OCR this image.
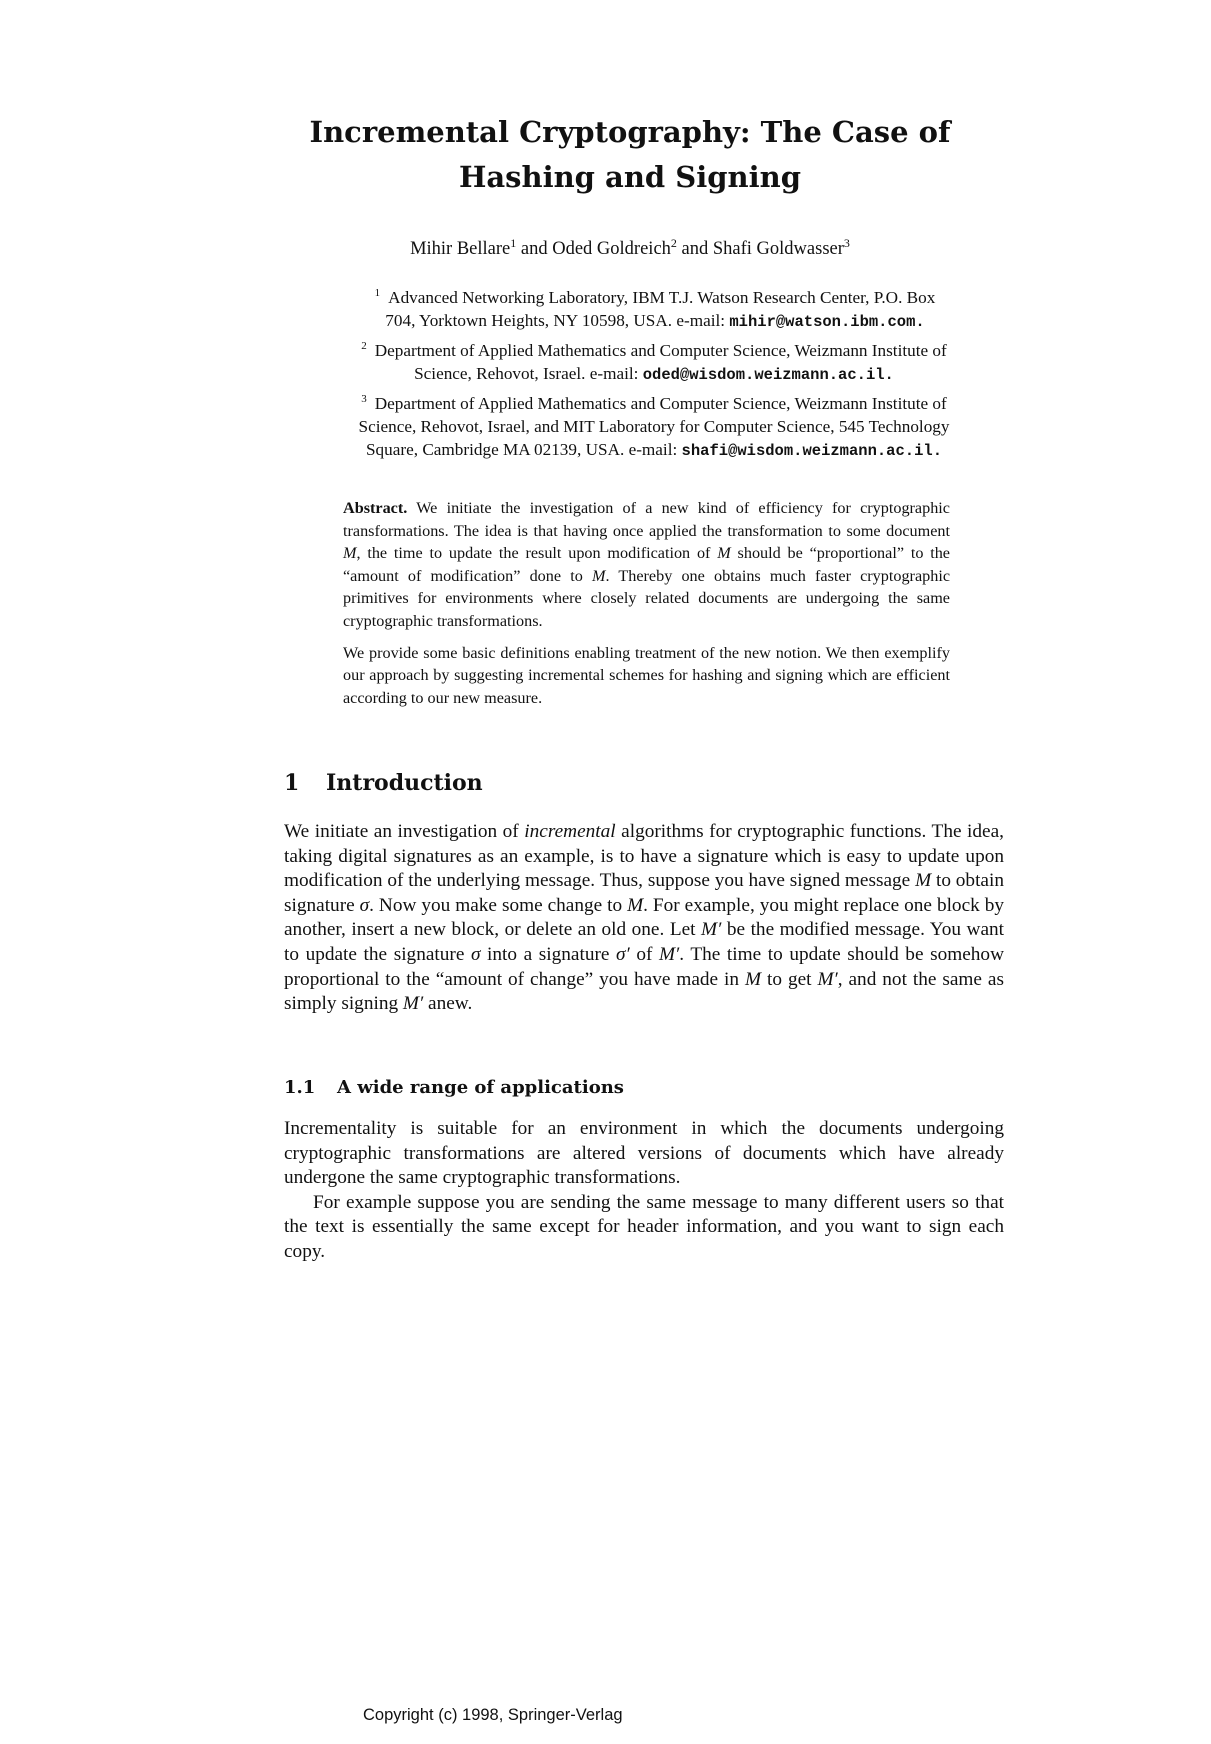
Incremental Cryptography: The Case of
Hashing and Signing
Mihir Bellare$^1$ and Oded Goldreich$^2$ and Shafi Goldwasser$^3$
1 Advanced Networking Laboratory, IBM T.J. Watson Research Center, P.O. Box
704, Yorktown Heights, NY 10598, USA. e-mail: mihir@watson.ibm.com.
2 Department of Applied Mathematics and Computer Science, Weizmann Institute of
Science, Rehovot, Israel. e-mail: oded@wisdom.weizmann.ac.il.
3 Department of Applied Mathematics and Computer Science, Weizmann Institute of
Science, Rehovot, Israel, and MIT Laboratory for Computer Science, 545 Technology
Square, Cambridge MA 02139, USA. e-mail: shafi@wisdom.weizmann.ac.il.

Abstract. We initiate the investigation of a new kind of efficiency for cryptographic transformations. The idea is that having once applied the transformation to some document M, the time to update the result upon modification of M should be “proportional” to the “amount of modification” done to M. Thereby one obtains much faster cryptographic primitives for environments where closely related documents are undergoing the same cryptographic transformations.

We provide some basic definitions enabling treatment of the new notion. We then exemplify our approach by suggesting incremental schemes for hashing and signing which are efficient according to our new measure.

1 Introduction

We initiate an investigation of incremental algorithms for cryptographic functions. The idea, taking digital signatures as an example, is to have a signature which is easy to update upon modification of the underlying message. Thus, suppose you have signed message M to obtain signature σ. Now you make some change to M. For example, you might replace one block by another, insert a new block, or delete an old one. Let M′ be the modified message. You want to update the signature σ into a signature σ′ of M′. The time to update should be somehow proportional to the “amount of change” you have made in M to get M′, and not the same as simply signing M′ anew.

1.1 A wide range of applications

Incrementality is suitable for an environment in which the documents undergoing cryptographic transformations are altered versions of documents which have already undergone the same cryptographic transformations.

For example suppose you are sending the same message to many different users so that the text is essentially the same except for header information, and you want to sign each copy.

Copyright (c) 1998, Springer-Verlag
